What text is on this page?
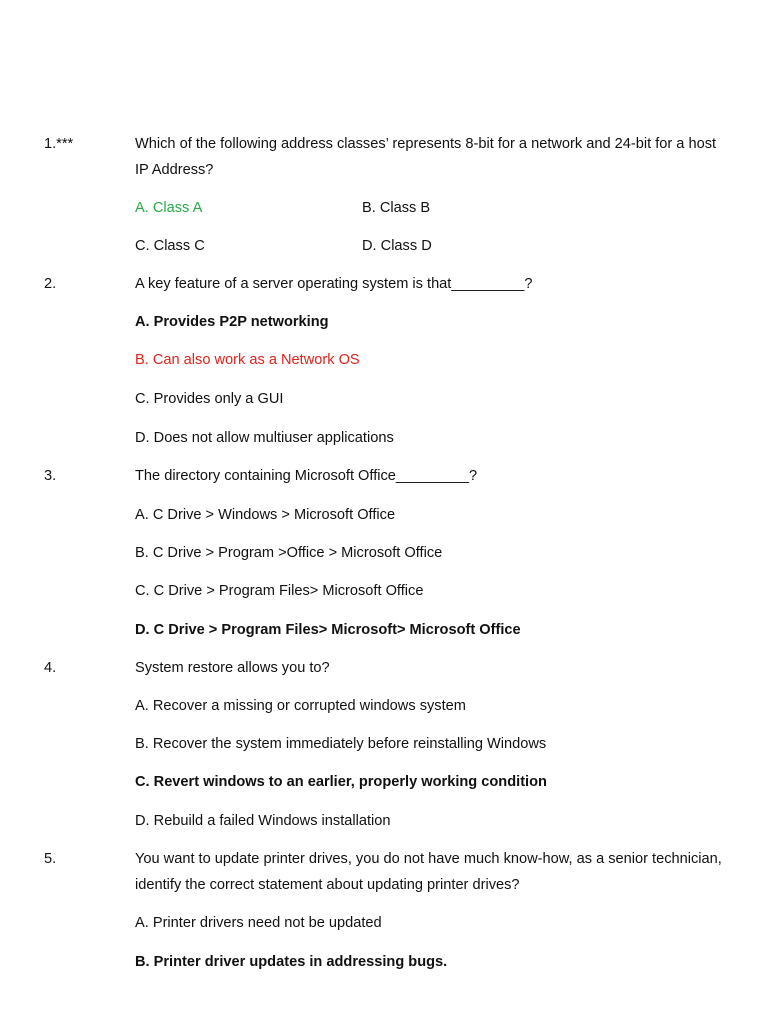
1.***	Which of the following address classes’ represents 8-bit for a network and 24-bit for a host IP Address?
A. Class A	B. Class B
C. Class C	D. Class D
2.	A key feature of a server operating system is that_________?
A. Provides P2P networking
B. Can also work as a Network OS
C. Provides only a GUI
D. Does not allow multiuser applications
3.	The directory containing Microsoft Office_________?
A. C Drive > Windows > Microsoft Office
B. C Drive > Program >Office > Microsoft Office
C. C Drive > Program Files> Microsoft Office
D. C Drive > Program Files> Microsoft> Microsoft Office
4.	System restore allows you to?
A. Recover a missing or corrupted windows system
B. Recover the system immediately before reinstalling Windows
C. Revert windows to an earlier, properly working condition
D. Rebuild a failed Windows installation
5.	You want to update printer drives, you do not have much know-how, as a senior technician, identify the correct statement about updating printer drives?
A. Printer drivers need not be updated
B. Printer driver updates in addressing bugs.
